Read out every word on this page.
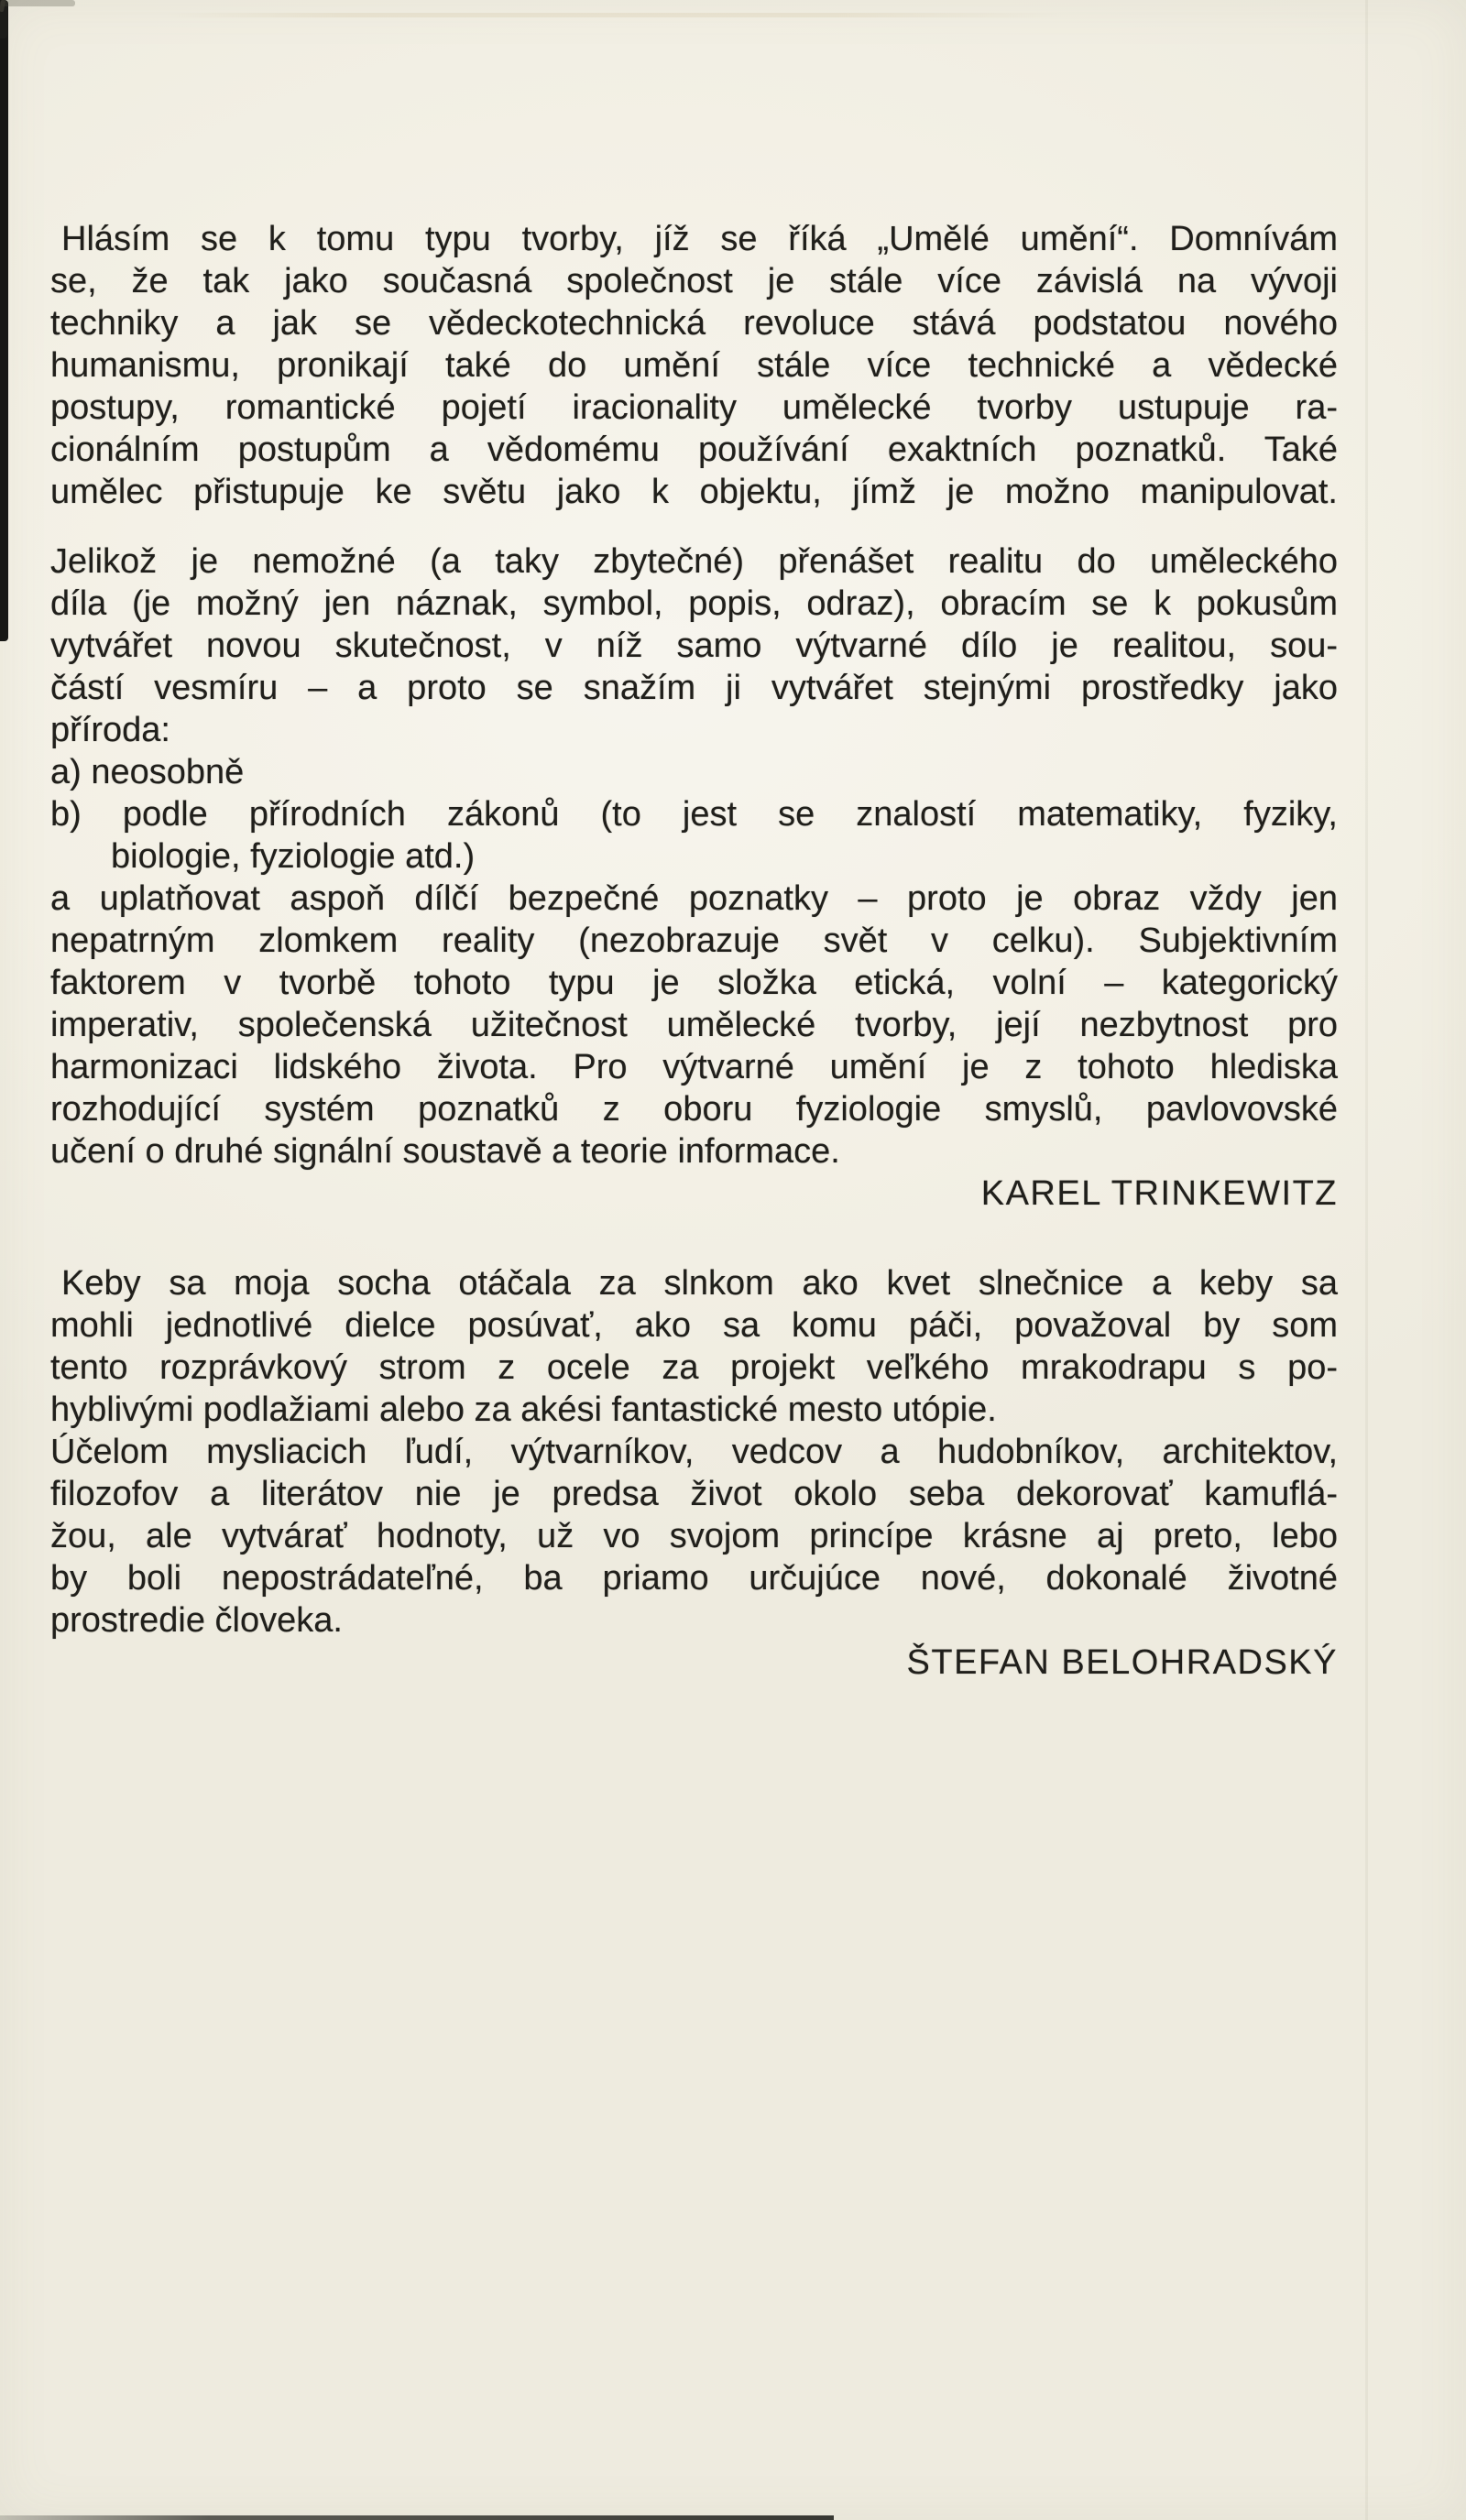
Hlásím se k tomu typu tvorby, jíž se říká „Umělé umění“. Domnívám
se, že tak jako současná společnost je stále více závislá na vývoji
techniky a jak se vědeckotechnická revoluce stává podstatou nového
humanismu, pronikají také do umění stále více technické a vědecké
postupy, romantické pojetí iracionality umělecké tvorby ustupuje ra-
cionálním postupům a vědomému používání exaktních poznatků. Také
umělec přistupuje ke světu jako k objektu, jímž je možno manipulovat.
Jelikož je nemožné (a taky zbytečné) přenášet realitu do uměleckého
díla (je možný jen náznak, symbol, popis, odraz), obracím se k pokusům
vytvářet novou skutečnost, v níž samo výtvarné dílo je realitou, sou-
částí vesmíru – a proto se snažím ji vytvářet stejnými prostředky jako
příroda:
a) neosobně
b) podle přírodních zákonů (to jest se znalostí matematiky, fyziky,
biologie, fyziologie atd.)
a uplatňovat aspoň dílčí bezpečné poznatky – proto je obraz vždy jen
nepatrným zlomkem reality (nezobrazuje svět v celku). Subjektivním
faktorem v tvorbě tohoto typu je složka etická, volní – kategorický
imperativ, společenská užitečnost umělecké tvorby, její nezbytnost pro
harmonizaci lidského života. Pro výtvarné umění je z tohoto hlediska
rozhodující systém poznatků z oboru fyziologie smyslů, pavlovovské
učení o druhé signální soustavě a teorie informace.
KAREL TRINKEWITZ
Keby sa moja socha otáčala za slnkom ako kvet slnečnice a keby sa
mohli jednotlivé dielce posúvať, ako sa komu páči, považoval by som
tento rozprávkový strom z ocele za projekt veľkého mrakodrapu s po-
hyblivými podlažiami alebo za akési fantastické mesto utópie.
Účelom mysliacich ľudí, výtvarníkov, vedcov a hudobníkov, architektov,
filozofov a literátov nie je predsa život okolo seba dekorovať kamuflá-
žou, ale vytvárať hodnoty, už vo svojom princípe krásne aj preto, lebo
by boli nepostrádateľné, ba priamo určujúce nové, dokonalé životné
prostredie človeka.
ŠTEFAN BELOHRADSKÝ
